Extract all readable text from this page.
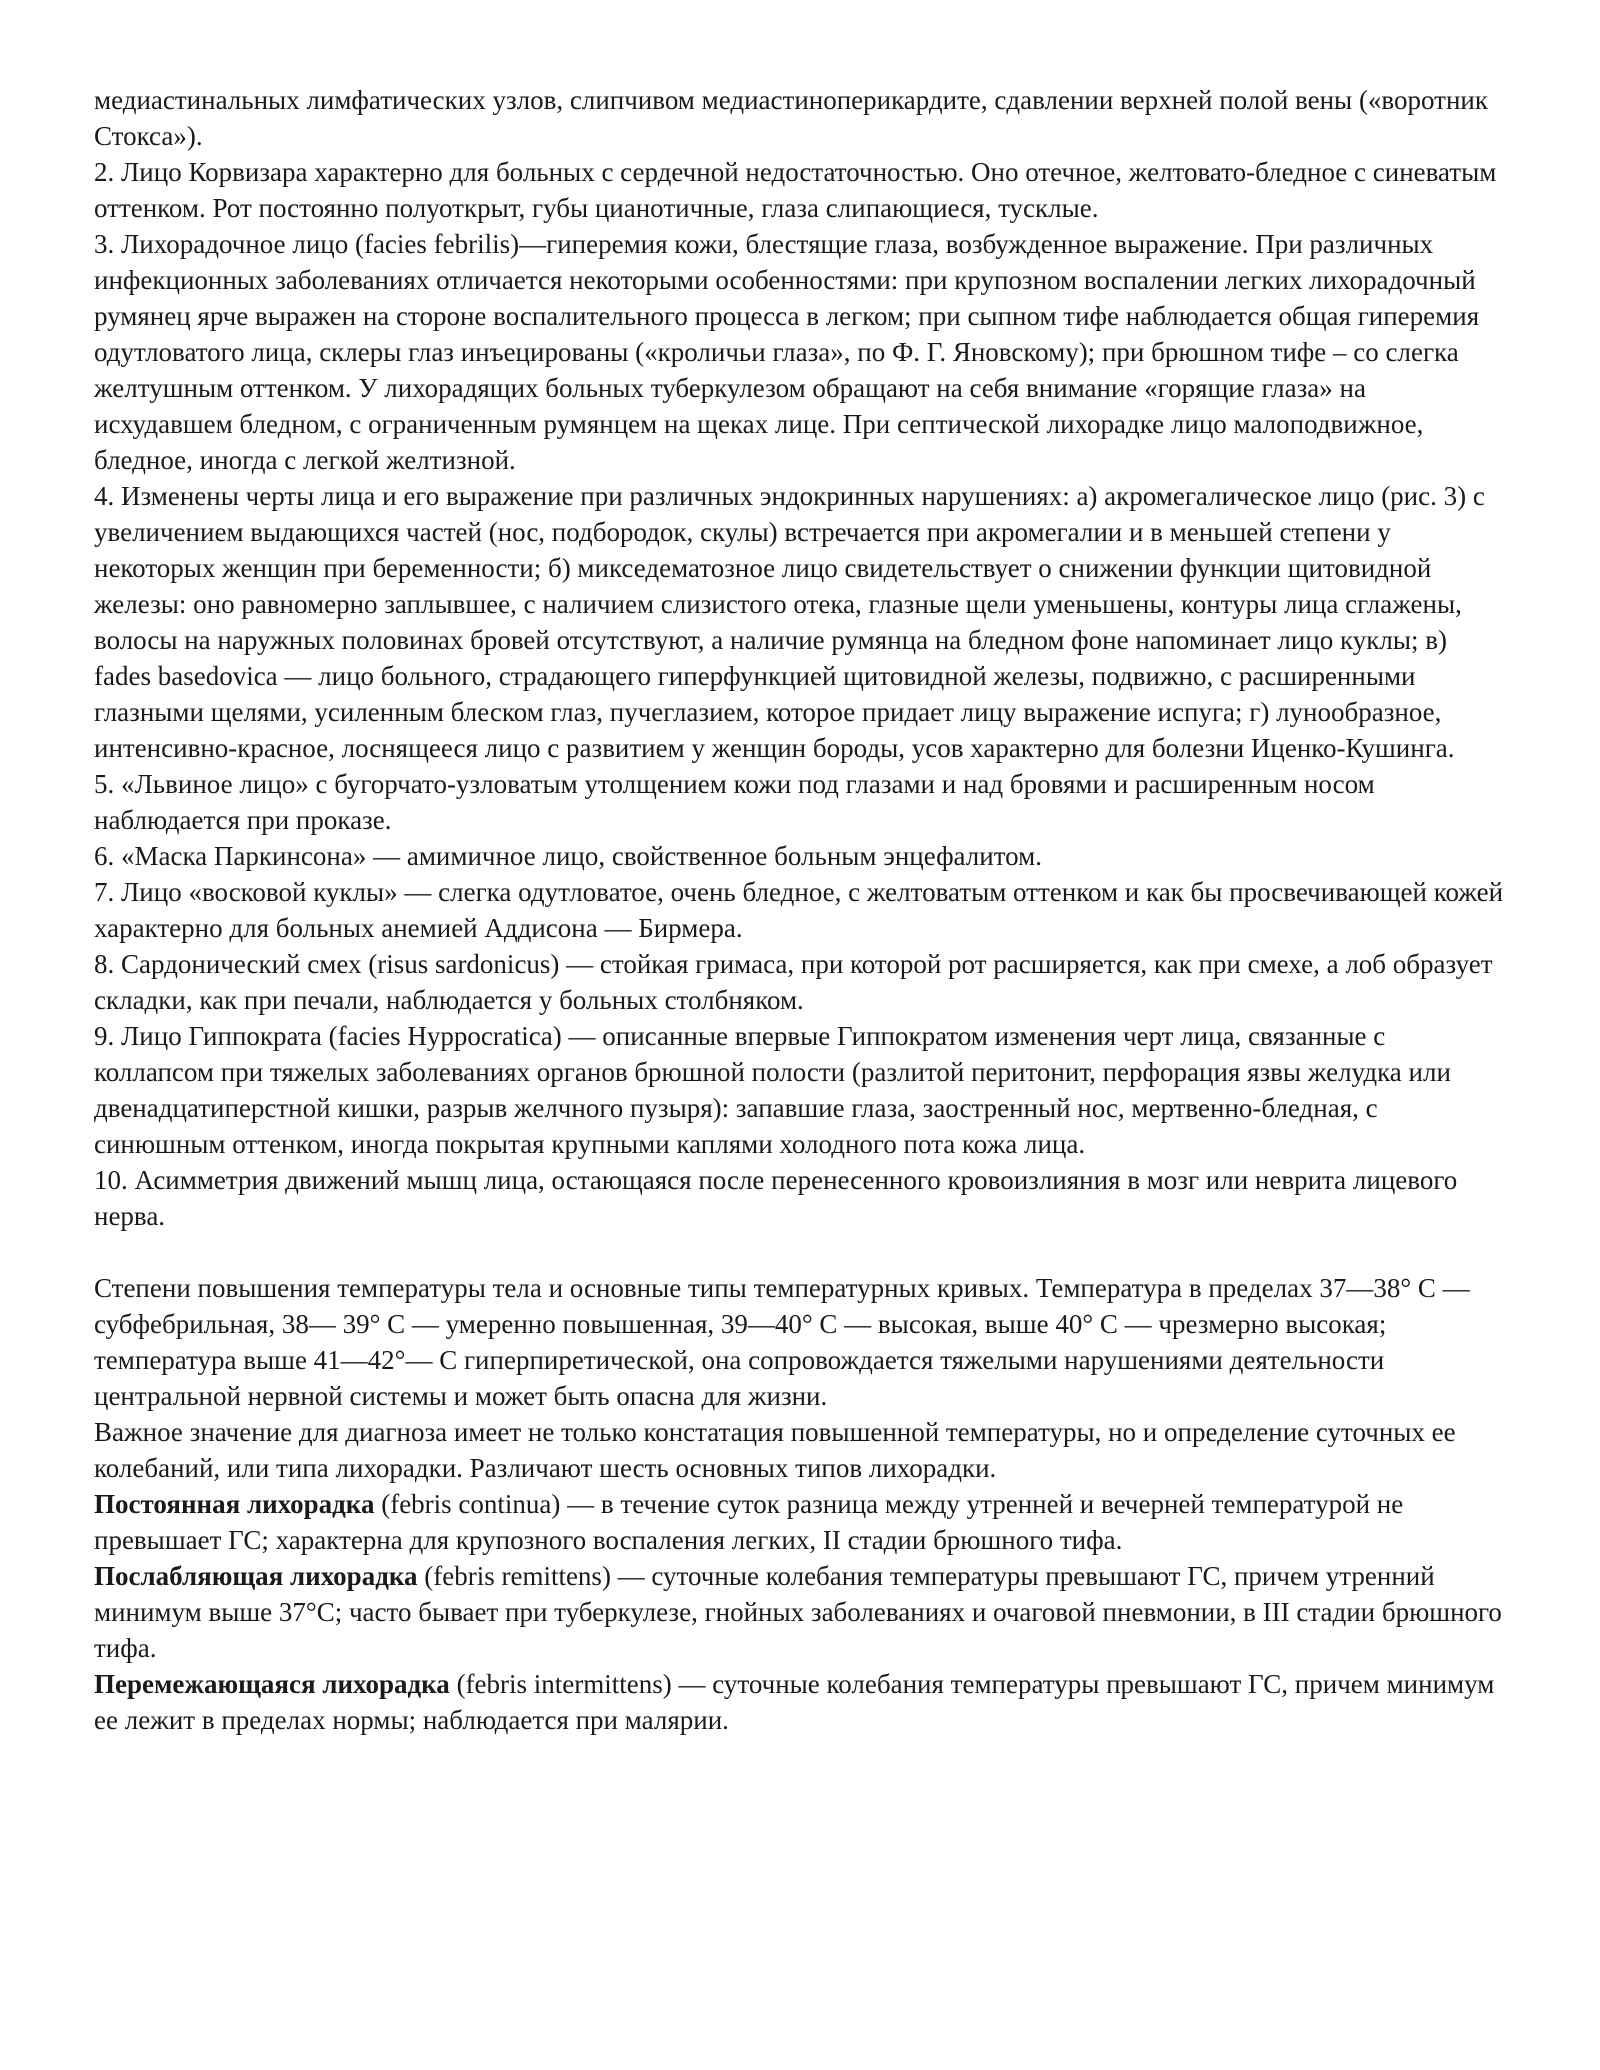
медиастинальных лимфатических узлов, слипчивом медиастиноперикардите, сдавлении верхней полой вены («воротник Стокса»).

2. Лицо Корвизара характерно для больных с сердечной недостаточностью. Оно отечное, желтовато-бледное с синеватым оттенком. Рот постоянно полуоткрыт, губы цианотичные, глаза слипающиеся, тусклые.

3. Лихорадочное лицо (facies febrilis)—гиперемия кожи, блестящие глаза, возбужденное выражение. При различных инфекционных заболеваниях отличается некоторыми особенностями: при крупозном воспалении легких лихорадочный румянец ярче выражен на стороне воспалительного процесса в легком; при сыпном тифе наблюдается общая гиперемия одутловатого лица, склеры глаз инъецированы («кроличьи глаза», по Ф. Г. Яновскому); при брюшном тифе – со слегка желтушным оттенком. У лихорадящих больных туберкулезом обращают на себя внимание «горящие глаза» на исхудавшем бледном, с ограниченным румянцем на щеках лице. При септической лихорадке лицо малоподвижное, бледное, иногда с легкой желтизной.

4. Изменены черты лица и его выражение при различных эндокринных нарушениях: а) акромегалическое лицо (рис. 3) с увеличением выдающихся частей (нос, подбородок, скулы) встречается при акромегалии и в меньшей степени у некоторых женщин при беременности; б) микседематозное лицо свидетельствует о снижении функции щитовидной железы: оно равномерно заплывшее, с наличием слизистого отека, глазные щели уменьшены, контуры лица сглажены, волосы на наружных половинах бровей отсутствуют, а наличие румянца на бледном фоне напоминает лицо куклы; в) fades basedovica — лицо больного, страдающего гиперфункцией щитовидной железы, подвижно, с расширенными глазными щелями, усиленным блеском глаз, пучеглазием, которое придает лицу выражение испуга; г) лунообразное, интенсивно-красное, лоснящееся лицо с развитием у женщин бороды, усов характерно для болезни Иценко-Кушинга.

5. «Львиное лицо» с бугорчато-узловатым утолщением кожи под глазами и над бровями и расширенным носом наблюдается при проказе.

6. «Маска Паркинсона» — амимичное лицо, свойственное больным энцефалитом.

7. Лицо «восковой куклы» — слегка одутловатое, очень бледное, с желтоватым оттенком и как бы просвечивающей кожей характерно для больных анемией Аддисона — Бирмера.

8. Сардонический смех (risus sardonicus) — стойкая гримаса, при которой рот расширяется, как при смехе, а лоб образует складки, как при печали, наблюдается у больных столбняком.

9. Лицо Гиппократа (facies Hyppocratica) — описанные впервые Гиппократом изменения черт лица, связанные с коллапсом при тяжелых заболеваниях органов брюшной полости (разлитой перитонит, перфорация язвы желудка или двенадцатиперстной кишки, разрыв желчного пузыря): запавшие глаза, заостренный нос, мертвенно-бледная, с синюшным оттенком, иногда покрытая крупными каплями холодного пота кожа лица.

10. Асимметрия движений мышц лица, остающаяся после перенесенного кровоизлияния в мозг или неврита лицевого нерва.

Степени повышения температуры тела и основные типы температурных кривых. Температура в пределах 37—38° С — субфебрильная, 38— 39° С — умеренно повышенная, 39—40° С — высокая, выше 40° С — чрезмерно высокая; температура выше 41—42°— С гиперпиретической, она сопровождается тяжелыми нарушениями деятельности центральной нервной системы и может быть опасна для жизни.

Важное значение для диагноза имеет не только констатация повышенной температуры, но и определение суточных ее колебаний, или типа лихорадки. Различают шесть основных типов лихорадки.

Постоянная лихорадка (febris continua) — в течение суток разница между утренней и вечерней температурой не превышает ГС; характерна для крупозного воспаления легких, II стадии брюшного тифа.

Послабляющая лихорадка (febris remittens) — суточные колебания температуры превышают ГС, причем утренний минимум выше 37°С; часто бывает при туберкулезе, гнойных заболеваниях и очаговой пневмонии, в III стадии брюшного тифа.

Перемежающаяся лихорадка (febris intermittens) — суточные колебания температуры превышают ГС, причем минимум ее лежит в пределах нормы; наблюдается при малярии.
